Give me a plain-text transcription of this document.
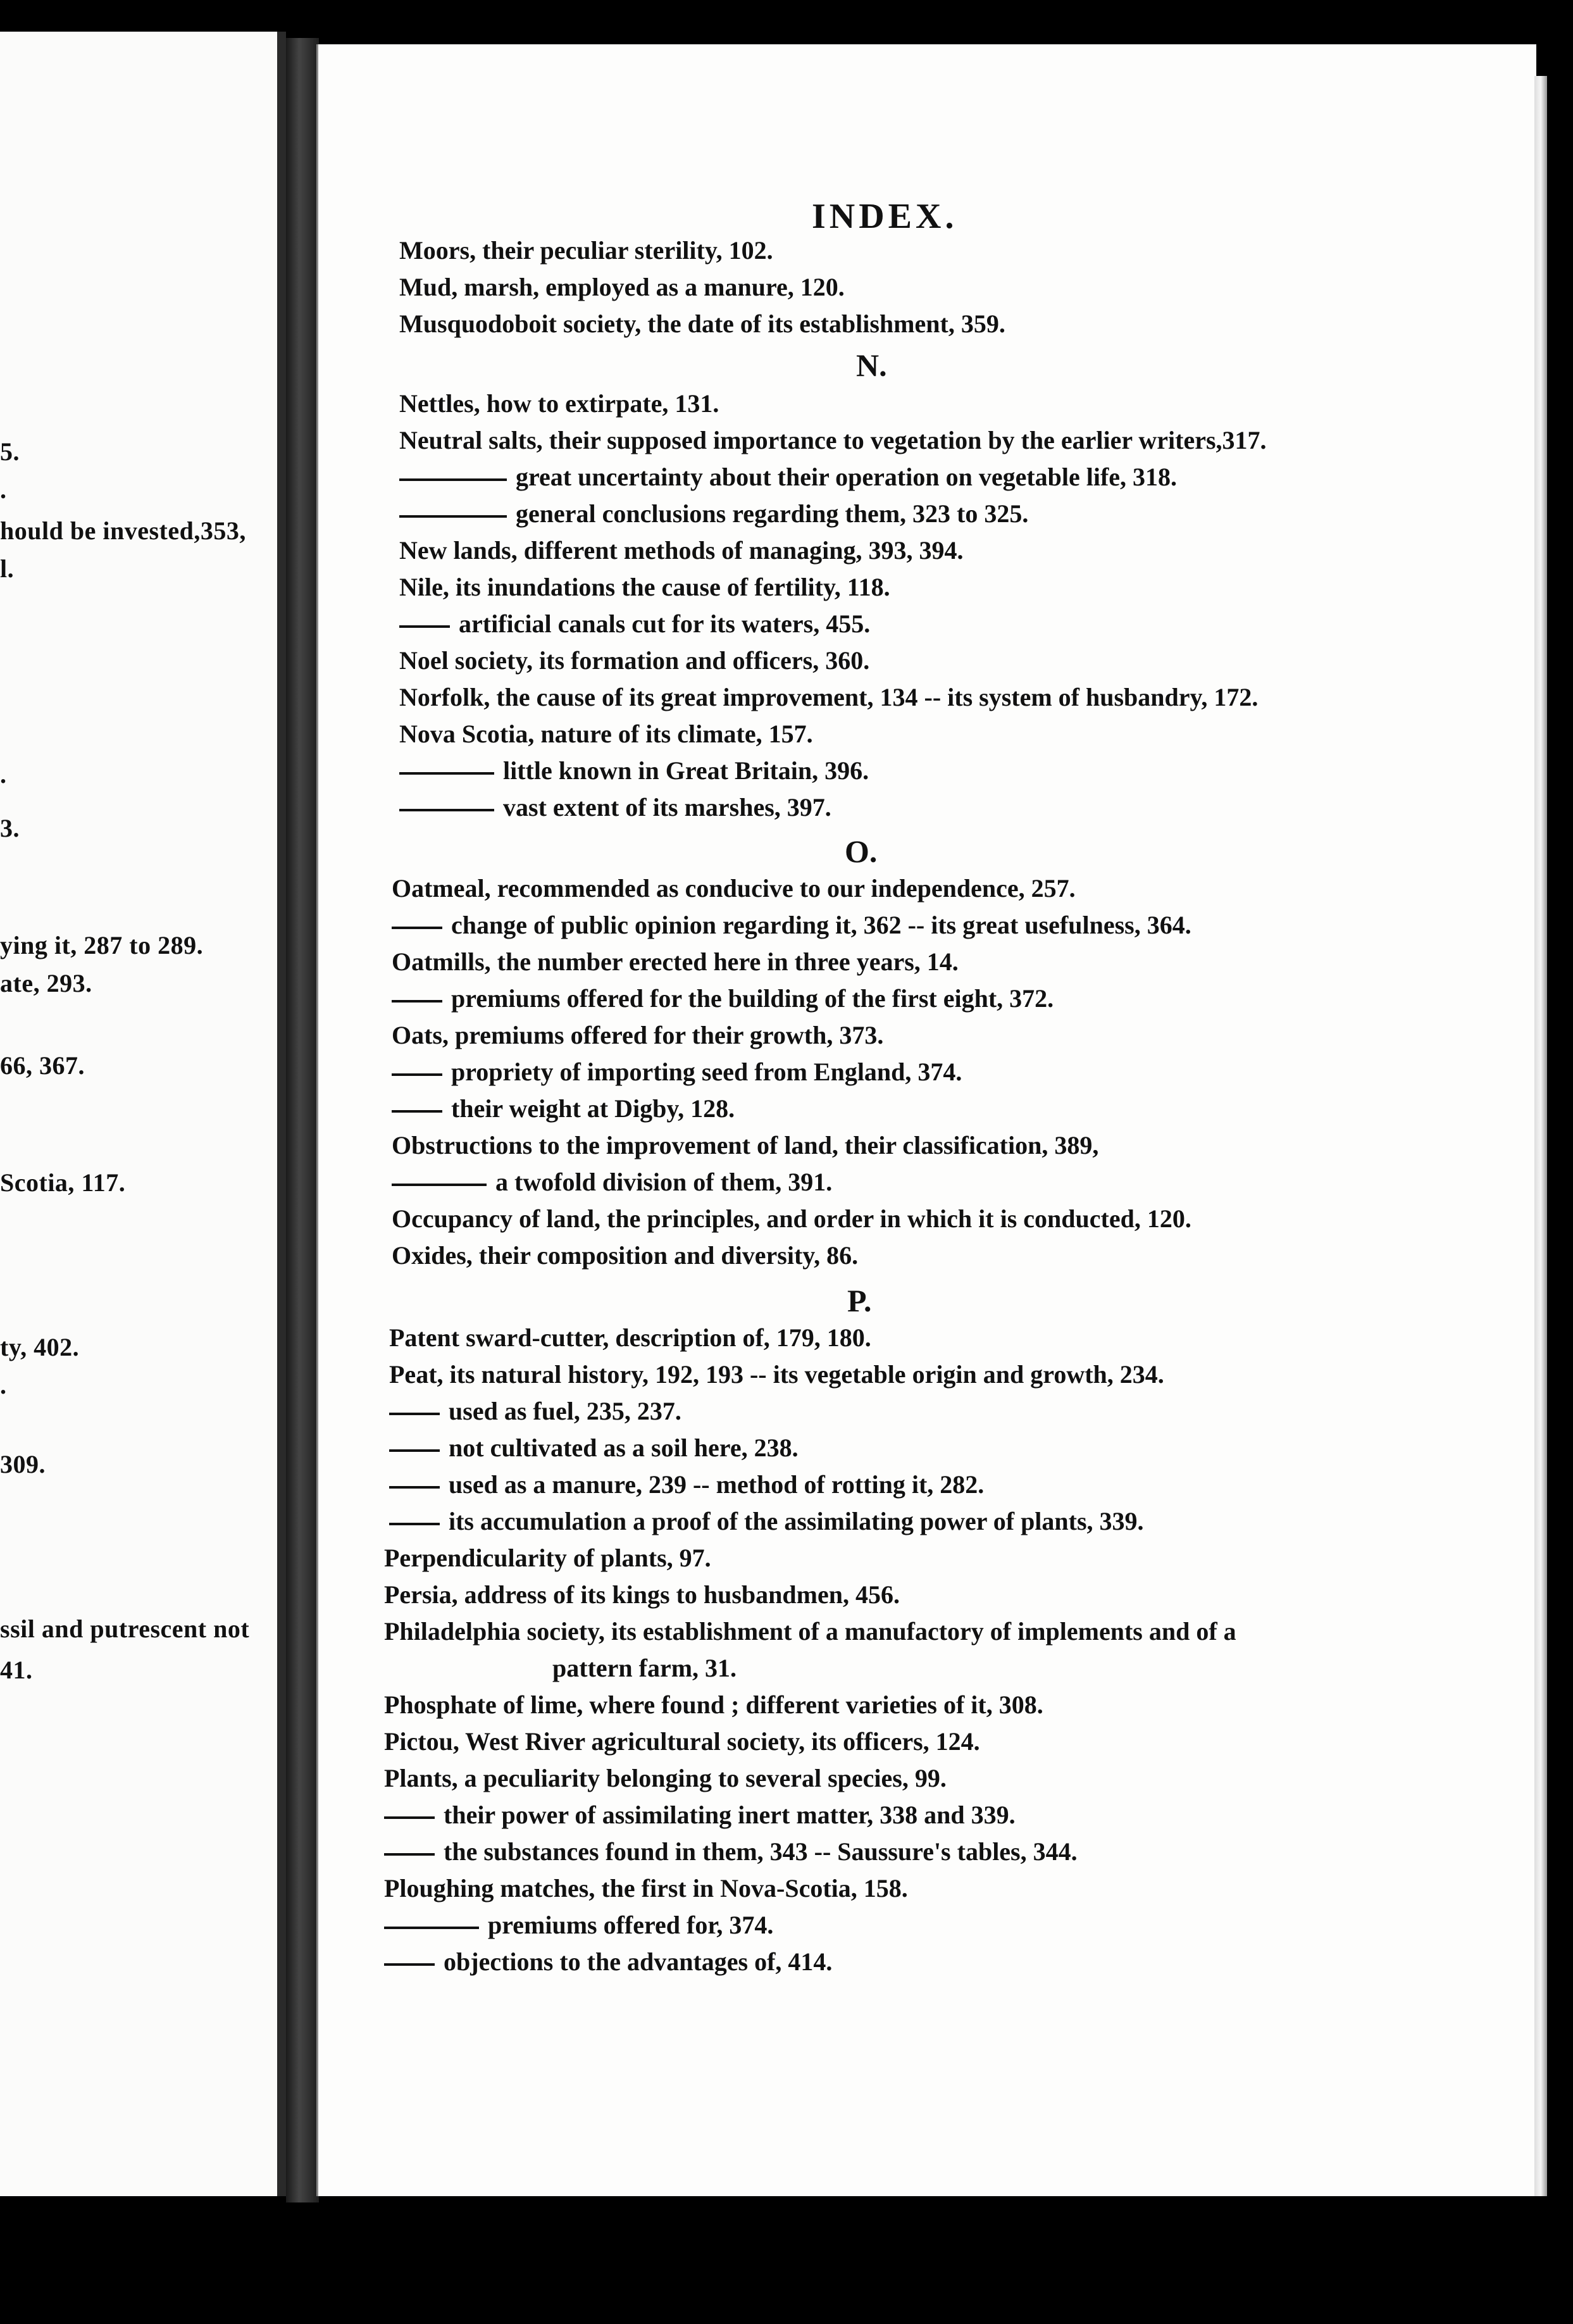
5.
.
hould be invested,353,
l.
.
3.
ying it, 287 to 289.
ate, 293.
66, 367.
Scotia, 117.
ty, 402.
.
309.
ssil and putrescent not
41.
INDEX.
Moors, their peculiar sterility, 102.
Mud, marsh, employed as a manure, 120.
Musquodoboit society, the date of its establishment, 359.
N.
Nettles, how to extirpate, 131.
Neutral salts, their supposed importance to vegetation by the earlier writers,317.
great uncertainty about their operation on vegetable life, 318.
general conclusions regarding them, 323 to 325.
New lands, different methods of managing, 393, 394.
Nile, its inundations the cause of fertility, 118.
artificial canals cut for its waters, 455.
Noel society, its formation and officers, 360.
Norfolk, the cause of its great improvement, 134 -- its system of husbandry, 172.
Nova Scotia, nature of its climate, 157.
little known in Great Britain, 396.
vast extent of its marshes, 397.
O.
Oatmeal, recommended as conducive to our independence, 257.
change of public opinion regarding it, 362 -- its great usefulness, 364.
Oatmills, the number erected here in three years, 14.
premiums offered for the building of the first eight, 372.
Oats, premiums offered for their growth, 373.
propriety of importing seed from England, 374.
their weight at Digby, 128.
Obstructions to the improvement of land, their classification, 389,
a twofold division of them, 391.
Occupancy of land, the principles, and order in which it is conducted, 120.
Oxides, their composition and diversity, 86.
P.
Patent sward-cutter, description of, 179, 180.
Peat, its natural history, 192, 193 -- its vegetable origin and growth, 234.
used as fuel, 235, 237.
not cultivated as a soil here, 238.
used as a manure, 239 -- method of rotting it, 282.
its accumulation a proof of the assimilating power of plants, 339.
Perpendicularity of plants, 97.
Persia, address of its kings to husbandmen, 456.
Philadelphia society, its establishment of a manufactory of implements and of a
pattern farm, 31.
Phosphate of lime, where found ; different varieties of it, 308.
Pictou, West River agricultural society, its officers, 124.
Plants, a peculiarity belonging to several species, 99.
their power of assimilating inert matter, 338 and 339.
the substances found in them, 343 -- Saussure's tables, 344.
Ploughing matches, the first in Nova-Scotia, 158.
premiums offered for, 374.
objections to the advantages of, 414.
